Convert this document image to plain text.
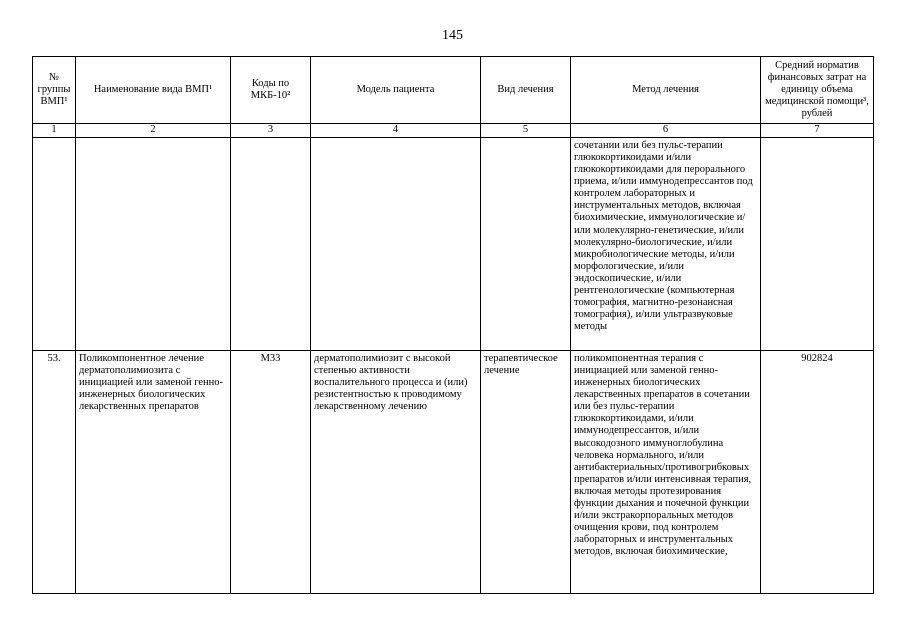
145
№ группы ВМП¹	Наименование вида ВМП¹	Коды по МКБ-10²	Модель пациента	Вид лечения	Метод лечения	Средний норматив финансовых затрат на единицу объема медицинской помощи³, рублей
1	2	3	4	5	6	7
					сочетании или без пульс-терапии глюкокортикоидами и/или глюкокортикоидами для перорального приема, и/или иммунодепрессантов под контролем лабораторных и инструментальных методов, включая биохимические, иммунологические и/или молекулярно-генетические, и/или молекулярно-биологические, и/или микробиологические методы, и/или морфологические, и/или эндоскопические, и/или рентгенологические (компьютерная томография, магнитно-резонансная томография), и/или ультразвуковые методы	
53.	Поликомпонентное лечение дерматополимиозита с инициацией или заменой генно-инженерных биологических лекарственных препаратов	М33	дерматополимиозит с высокой степенью активности воспалительного процесса и (или) резистентностью к проводимому лекарственному лечению	терапевтическое лечение	поликомпонентная терапия с инициацией или заменой генно-инженерных биологических лекарственных препаратов в сочетании или без пульс-терапии глюкокортикоидами, и/или иммунодепрессантов, и/или высокодозного иммуноглобулина человека нормального, и/или антибактериальных/противогрибковых препаратов и/или интенсивная терапия, включая методы протезирования функции дыхания и почечной функции и/или экстракорпоральных методов очищения крови, под контролем лабораторных и инструментальных методов, включая биохимические,	902824
